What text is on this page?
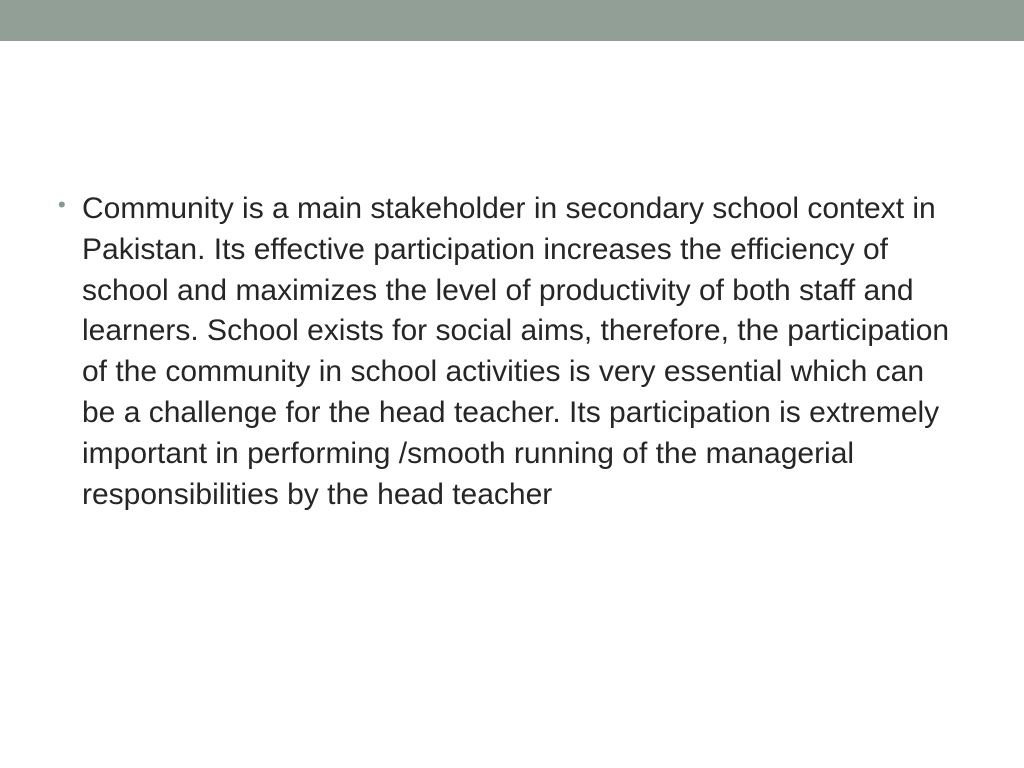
• Community is a main stakeholder in secondary school context in Pakistan. Its effective participation increases the efficiency of school and maximizes the level of productivity of both staff and learners. School exists for social aims, therefore, the participation of the community in school activities is very essential which can be a challenge for the head teacher. Its participation is extremely important in performing /smooth running of the managerial responsibilities by the head teacher
